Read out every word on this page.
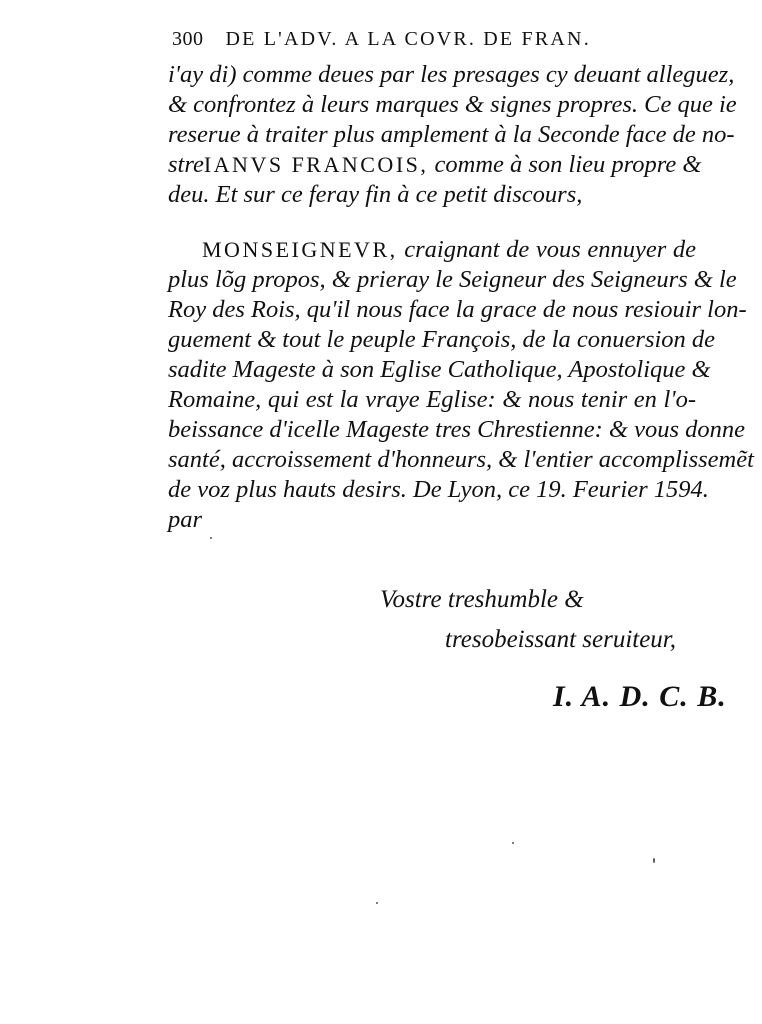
300 DE L'ADV. A LA COVR. DE FRAN.
i'ay di) comme deues par les presages cy deuant alleguez,
& confrontez à leurs marques & signes propres. Ce que ie
reserue à traiter plus amplement à la Seconde face de no-
streIANVS FRANCOIS, comme à son lieu propre &
deu. Et sur ce feray fin à ce petit discours,
MONSEIGNEVR, craignant de vous ennuyer de
plus lõg propos, & prieray le Seigneur des Seigneurs & le
Roy des Rois, qu'il nous face la grace de nous resiouir lon-
guement & tout le peuple François, de la conuersion de
sadite Mageste à son Eglise Catholique, Apostolique &
Romaine, qui est la vraye Eglise: & nous tenir en l'o-
beissance d'icelle Mageste tres Chrestienne: & vous donne
santé, accroissement d'honneurs, & l'entier accomplissemẽt
de voz plus hauts desirs. De Lyon, ce 19. Feurier 1594.
par
Vostre treshumble &
tresobeissant seruiteur,
I. A. D. C. B.
